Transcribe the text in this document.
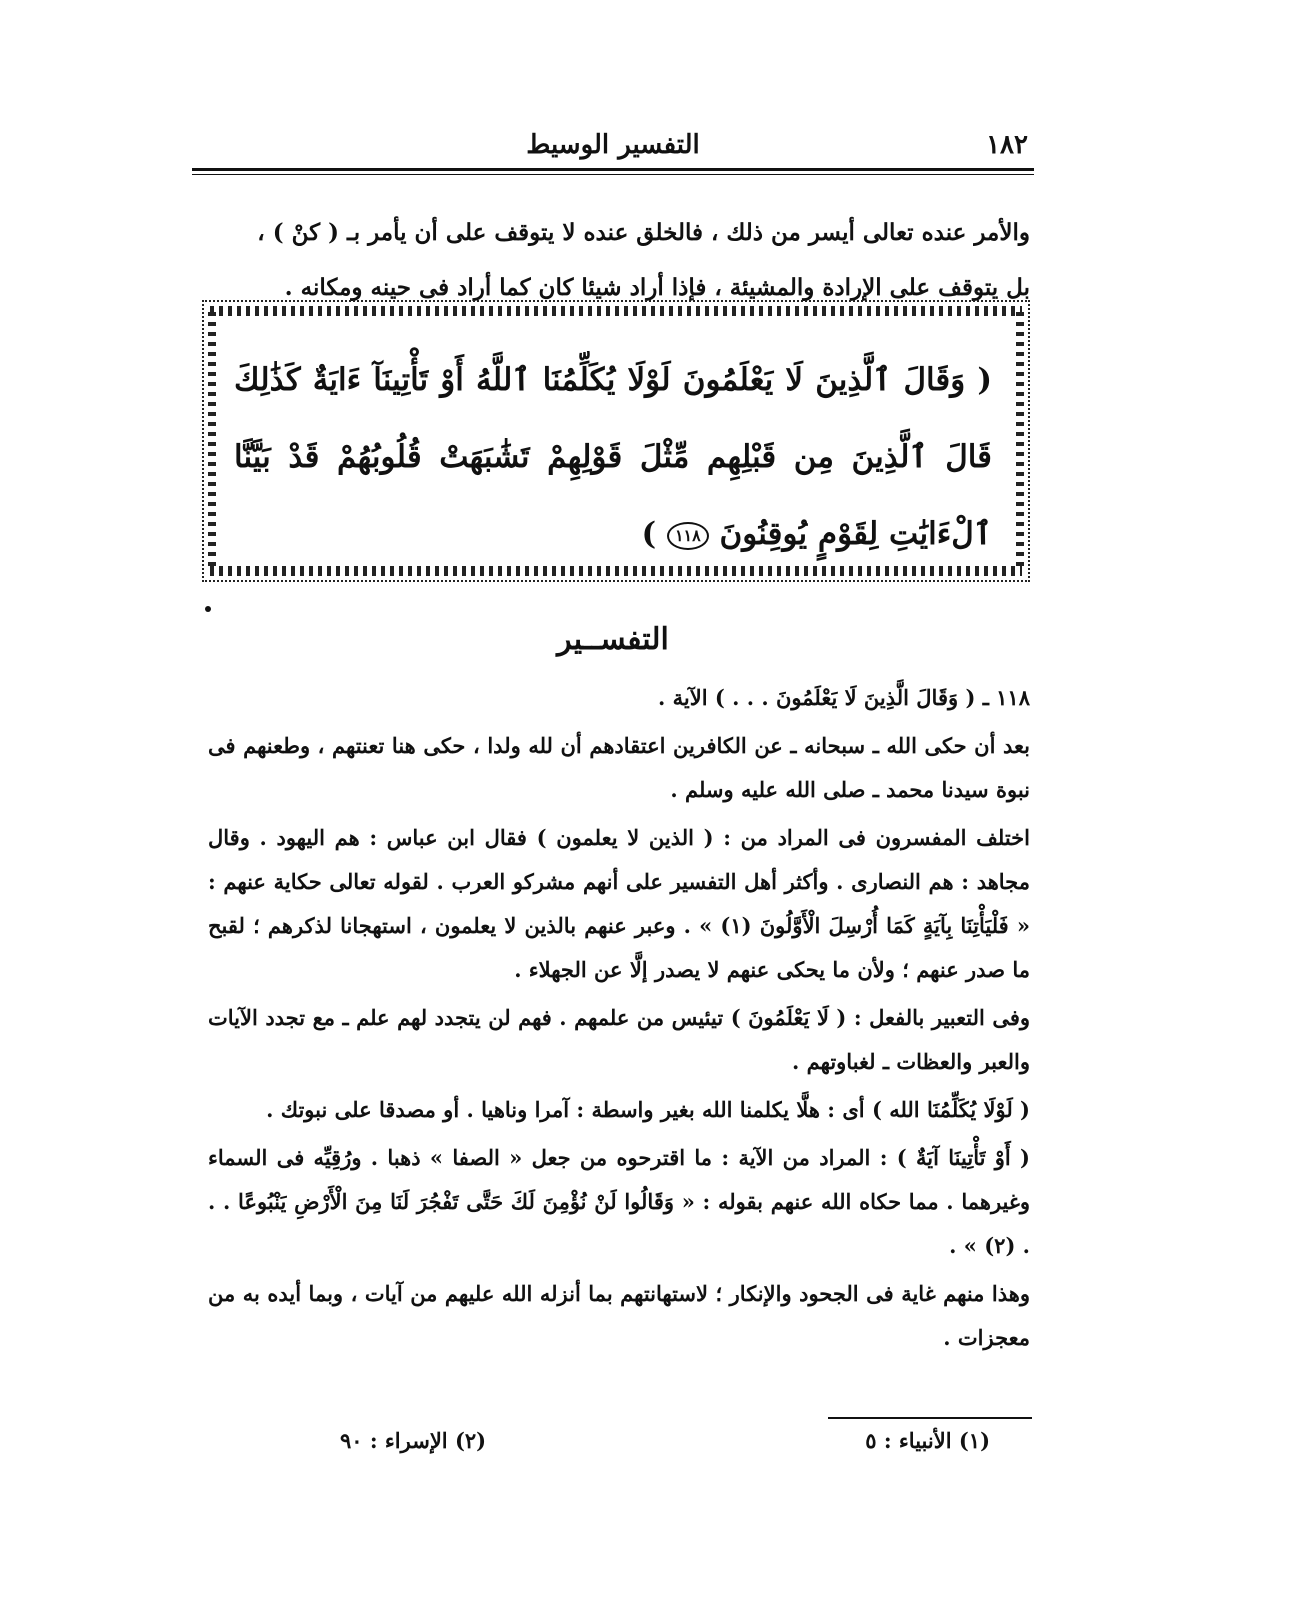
١٨٢
التفسير الوسيط

والأمر عنده تعالى أيسر من ذلك ، فالخلق عنده لا يتوقف على أن يأمر بـ ( كنْ ) ،

بل يتوقف على الإرادة والمشيئة ، فإذا أراد شيئا كان كما أراد فى حينه ومكانه .

( وَقَالَ ٱلَّذِينَ لَا يَعْلَمُونَ لَوْلَا يُكَلِّمُنَا ٱللَّهُ أَوْ تَأْتِينَآ ءَايَةٌ كَذَٰلِكَ قَالَ ٱلَّذِينَ مِن قَبْلِهِم مِّثْلَ قَوْلِهِمْ تَشَٰبَهَتْ قُلُوبُهُمْ قَدْ بَيَّنَّا ٱلْءَايَٰتِ لِقَوْمٍ يُوقِنُونَ ١١٨ )
التفســير

١١٨ ـ ( وَقَالَ الَّذِينَ لَا يَعْلَمُونَ . . . ) الآية .

بعد أن حكى الله ـ سبحانه ـ عن الكافرين اعتقادهم أن لله ولدا ، حكى هنا تعنتهم ، وطعنهم فى نبوة سيدنا محمد ـ صلى الله عليه وسلم .

اختلف المفسرون فى المراد من : ( الذين لا يعلمون ) فقال ابن عباس : هم اليهود . وقال مجاهد : هم النصارى . وأكثر أهل التفسير على أنهم مشركو العرب . لقوله تعالى حكاية عنهم : « فَلْيَأْتِنَا بِآيَةٍ كَمَا أُرْسِلَ الْأَوَّلُونَ (١) » . وعبر عنهم بالذين لا يعلمون ، استهجانا لذكرهم ؛ لقبح ما صدر عنهم ؛ ولأن ما يحكى عنهم لا يصدر إلَّا عن الجهلاء .

وفى التعبير بالفعل : ( لَا يَعْلَمُونَ ) تيئيس من علمهم . فهم لن يتجدد لهم علم ـ مع تجدد الآيات والعبر والعظات ـ لغباوتهم .

( لَوْلَا يُكَلِّمُنَا الله ) أى : هلَّا يكلمنا الله بغير واسطة : آمرا وناهيا . أو مصدقا على نبوتك .

( أَوْ تَأْتِينَا آيَةٌ ) : المراد من الآية : ما اقترحوه من جعل « الصفا » ذهبا . ورُقِيِّه فى السماء وغيرهما . مما حكاه الله عنهم بقوله : « وَقَالُوا لَنْ نُؤْمِنَ لَكَ حَتَّى تَفْجُرَ لَنَا مِنَ الْأَرْضِ يَنْبُوعًا . . . (٢) » .

وهذا منهم غاية فى الجحود والإنكار ؛ لاستهانتهم بما أنزله الله عليهم من آيات ، وبما أيده به من معجزات .

(١) الأنبياء : ٥
(٢) الإسراء : ٩٠
